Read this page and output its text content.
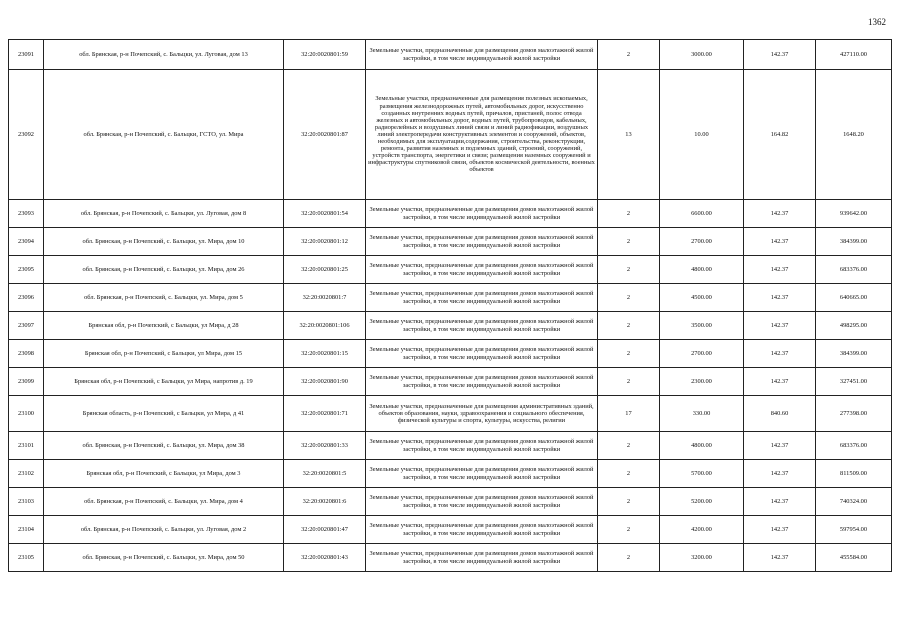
1362
23091	обл. Брянская, р-н Почепский, с. Бальцки, ул. Луговая, дом 13	32:20:0020801:59	Земельные участки, предназначенные для размещения домов малоэтажной жилой застройки, в том числе индивидуальной жилой застройки	2	3000.00	142.37	427110.00
23092	обл. Брянская, р-н Почепский, с. Бальцки, ГСТО, ул. Мира	32:20:0020801:87	Земельные участки, предназначенные для размещения полезных ископаемых, размещения железнодорожных путей, автомобильных дорог, искусственно созданных внутренних водных путей, причалов, пристаней, полос отвода железных и автомобильных дорог, водных путей, трубопроводов, кабельных, радиорелейных и воздушных линий связи и линий радиофикации, воздушных линий электропередачи конструктивных элементов и сооружений, объектов, необходимых для эксплуатации,содержания, строительства, реконструкции, ремонта, развития наземных и подземных зданий, строений, сооружений, устройств транспорта, энергетики и связи; размещения наземных сооружений и инфраструктуры спутниковой связи, объектов космической деятельности, военных объектов	13	10.00	164.82	1648.20
23093	обл. Брянская, р-н Почепский, с. Бальцки, ул. Луговая, дом 8	32:20:0020801:54	Земельные участки, предназначенные для размещения домов малоэтажной жилой застройки, в том числе индивидуальной жилой застройки	2	6600.00	142.37	939642.00
23094	обл. Брянская, р-н Почепский, с. Бальцки, ул. Мира, дом 10	32:20:0020801:12	Земельные участки, предназначенные для размещения домов малоэтажной жилой застройки, в том числе индивидуальной жилой застройки	2	2700.00	142.37	384399.00
23095	обл. Брянская, р-н Почепский, с. Бальцки, ул. Мира, дом 26	32:20:0020801:25	Земельные участки, предназначенные для размещения домов малоэтажной жилой застройки, в том числе индивидуальной жилой застройки	2	4800.00	142.37	683376.00
23096	обл. Брянская, р-н Почепский, с. Бальцки, ул. Мира, дом 5	32:20:0020801:7	Земельные участки, предназначенные для размещения домов малоэтажной жилой застройки, в том числе индивидуальной жилой застройки	2	4500.00	142.37	640665.00
23097	Брянская обл, р-н Почепский, с Бальцки, ул Мира, д 28	32:20:0020801:106	Земельные участки, предназначенные для размещения домов малоэтажной жилой застройки, в том числе индивидуальной жилой застройки	2	3500.00	142.37	498295.00
23098	Брянская обл, р-н Почепский, с Бальцки, ул Мира, дом 15	32:20:0020801:15	Земельные участки, предназначенные для размещения домов малоэтажной жилой застройки, в том числе индивидуальной жилой застройки	2	2700.00	142.37	384399.00
23099	Брянская обл, р-н Почепский, с Бальцки, ул Мира, напротив д. 19	32:20:0020801:90	Земельные участки, предназначенные для размещения домов малоэтажной жилой застройки, в том числе индивидуальной жилой застройки	2	2300.00	142.37	327451.00
23100	Брянская область, р-н Почепский, с Бальцки, ул Мира, д 41	32:20:0020801:71	Земельные участки, предназначенные для размещения административных зданий, объектов образования, науки, здравоохранения и социального обеспечения, физической культуры и спорта, культуры, искусства, религии	17	330.00	840.60	277398.00
23101	обл. Брянская, р-н Почепский, с. Бальцки, ул. Мира, дом 38	32:20:0020801:33	Земельные участки, предназначенные для размещения домов малоэтажной жилой застройки, в том числе индивидуальной жилой застройки	2	4800.00	142.37	683376.00
23102	Брянская обл, р-н Почепский, с Бальцки, ул Мира, дом 3	32:20:0020801:5	Земельные участки, предназначенные для размещения домов малоэтажной жилой застройки, в том числе индивидуальной жилой застройки	2	5700.00	142.37	811509.00
23103	обл. Брянская, р-н Почепский, с. Бальцки, ул. Мира, дом 4	32:20:0020801:6	Земельные участки, предназначенные для размещения домов малоэтажной жилой застройки, в том числе индивидуальной жилой застройки	2	5200.00	142.37	740324.00
23104	обл. Брянская, р-н Почепский, с. Бальцки, ул. Луговая, дом 2	32:20:0020801:47	Земельные участки, предназначенные для размещения домов малоэтажной жилой застройки, в том числе индивидуальной жилой застройки	2	4200.00	142.37	597954.00
23105	обл. Брянская, р-н Почепский, с. Бальцки, ул. Мира, дом 50	32:20:0020801:43	Земельные участки, предназначенные для размещения домов малоэтажной жилой застройки, в том числе индивидуальной жилой застройки	2	3200.00	142.37	455584.00
